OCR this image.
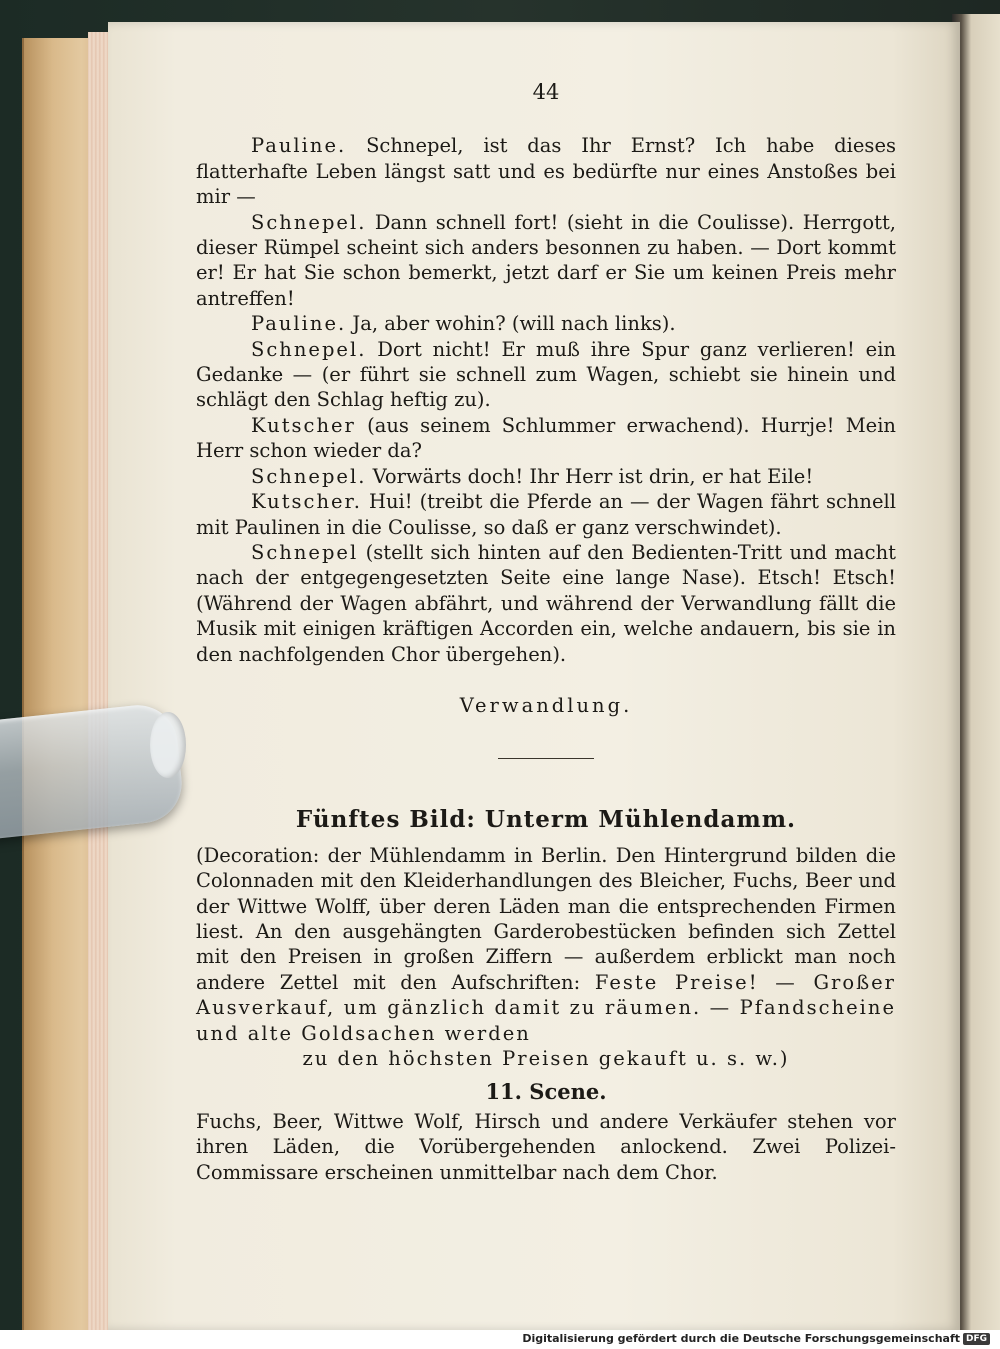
44

Pauline. Schnepel, ist das Ihr Ernst? Ich habe dieses flatterhafte Leben längst satt und es bedürfte nur eines Anstoßes bei mir —

Schnepel. Dann schnell fort! (sieht in die Coulisse). Herrgott, dieser Rümpel scheint sich anders besonnen zu haben. — Dort kommt er! Er hat Sie schon bemerkt, jetzt darf er Sie um keinen Preis mehr antreffen!

Pauline. Ja, aber wohin? (will nach links).

Schnepel. Dort nicht! Er muß ihre Spur ganz verlieren! ein Gedanke — (er führt sie schnell zum Wagen, schiebt sie hinein und schlägt den Schlag heftig zu).

Kutscher (aus seinem Schlummer erwachend). Hurrje! Mein Herr schon wieder da?

Schnepel. Vorwärts doch! Ihr Herr ist drin, er hat Eile!

Kutscher. Hui! (treibt die Pferde an — der Wagen fährt schnell mit Paulinen in die Coulisse, so daß er ganz verschwindet).

Schnepel (stellt sich hinten auf den Bedienten-Tritt und macht nach der entgegengesetzten Seite eine lange Nase). Etsch! Etsch! (Während der Wagen abfährt, und während der Verwandlung fällt die Musik mit einigen kräftigen Accorden ein, welche andauern, bis sie in den nachfolgenden Chor übergehen).

Verwandlung.
Fünftes Bild: Unterm Mühlendamm.

(Decoration: der Mühlendamm in Berlin. Den Hintergrund bilden die Colonnaden mit den Kleiderhandlungen des Bleicher, Fuchs, Beer und der Wittwe Wolff, über deren Läden man die entsprechenden Firmen liest. An den ausgehängten Garderobestücken befinden sich Zettel mit den Preisen in großen Ziffern — außerdem erblickt man noch andere Zettel mit den Aufschriften: Feste Preise! — Großer Ausverkauf, um gänzlich damit zu räumen. — Pfandscheine und alte Goldsachen werden

zu den höchsten Preisen gekauft u. s. w.)
11. Scene.

Fuchs, Beer, Wittwe Wolf, Hirsch und andere Verkäufer stehen vor ihren Läden, die Vorübergehenden anlockend. Zwei Polizei-Commissare erscheinen unmittelbar nach dem Chor.

Digitalisierung gefördert durch die Deutsche Forschungsgemeinschaft DFG
